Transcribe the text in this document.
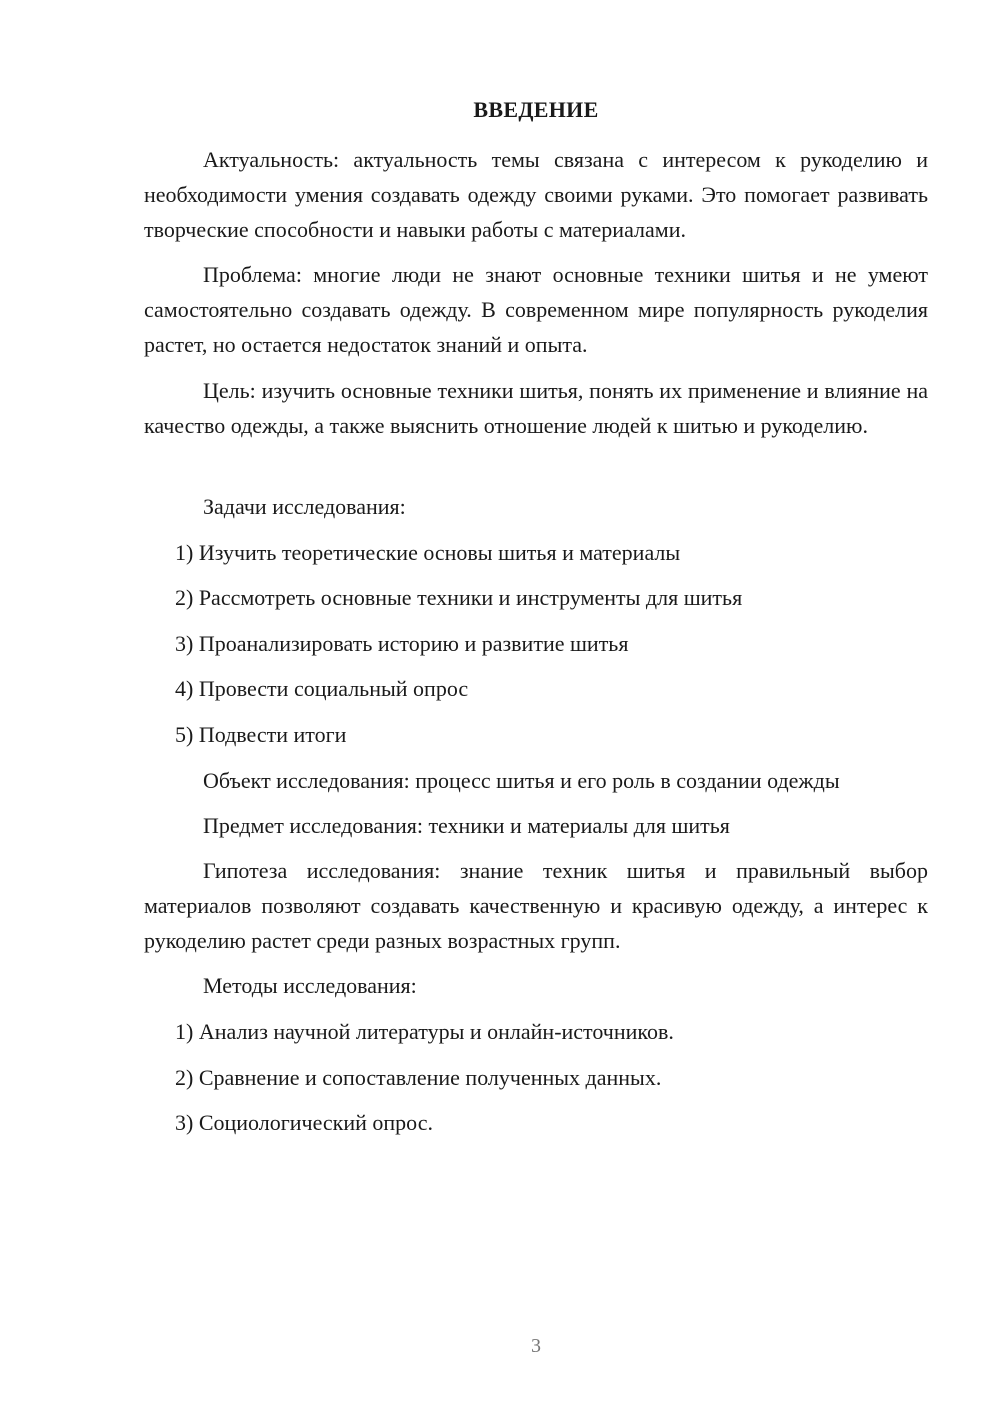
ВВЕДЕНИЕ

Актуальность: актуальность темы связана с интересом к рукоделию и необходимости умения создавать одежду своими руками. Это помогает развивать творческие способности и навыки работы с материалами.

Проблема: многие люди не знают основные техники шитья и не умеют самостоятельно создавать одежду. В современном мире популярность рукоделия растет, но остается недостаток знаний и опыта.

Цель: изучить основные техники шитья, понять их применение и влияние на качество одежды, а также выяснить отношение людей к шитью и рукоделию.

Задачи исследования:

1) Изучить теоретические основы шитья и материалы
2) Рассмотреть основные техники и инструменты для шитья
3) Проанализировать историю и развитие шитья
4) Провести социальный опрос
5) Подвести итоги

Объект исследования: процесс шитья и его роль в создании одежды

Предмет исследования: техники и материалы для шитья

Гипотеза исследования: знание техник шитья и правильный выбор материалов позволяют создавать качественную и красивую одежду, а интерес к рукоделию растет среди разных возрастных групп.

Методы исследования:

1) Анализ научной литературы и онлайн-источников.
2) Сравнение и сопоставление полученных данных.
3) Социологический опрос.
3
